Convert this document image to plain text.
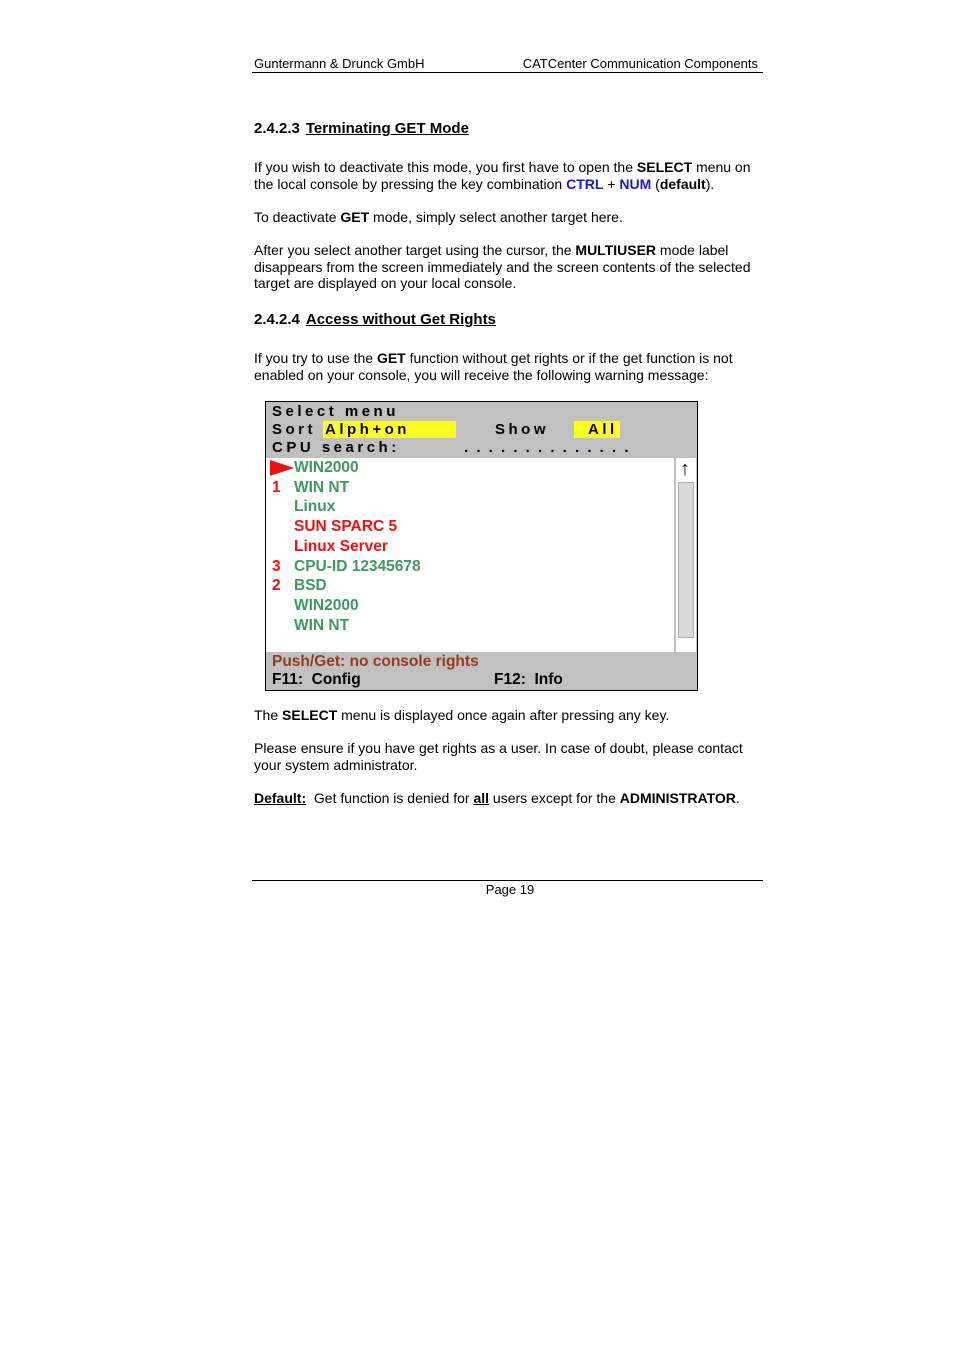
Guntermann & Drunck GmbH	CATCenter Communication Components
2.4.2.3 Terminating GET Mode
If you wish to deactivate this mode, you first have to open the SELECT menu on the local console by pressing the key combination CTRL + NUM (default).
To deactivate GET mode, simply select another target here.
After you select another target using the cursor, the MULTIUSER mode label disappears from the screen immediately and the screen contents of the selected target are displayed on your local console.
2.4.2.4 Access without Get Rights
If you try to use the GET function without get rights or if the get function is not enabled on your console, you will receive the following warning message:
Select menu
Sort Alph+on	Show	All
CPU search:	. . . . . . . . . . . . . .
WIN2000
1 WIN NT
Linux
SUN SPARC 5
Linux Server
3 CPU-ID 12345678
2 BSD
WIN2000
WIN NT
↑
Push/Get: no console rights
F11: Config	F12: Info
The SELECT menu is displayed once again after pressing any key.
Please ensure if you have get rights as a user. In case of doubt, please contact your system administrator.
Default:  Get function is denied for all users except for the ADMINISTRATOR.
Page 19
